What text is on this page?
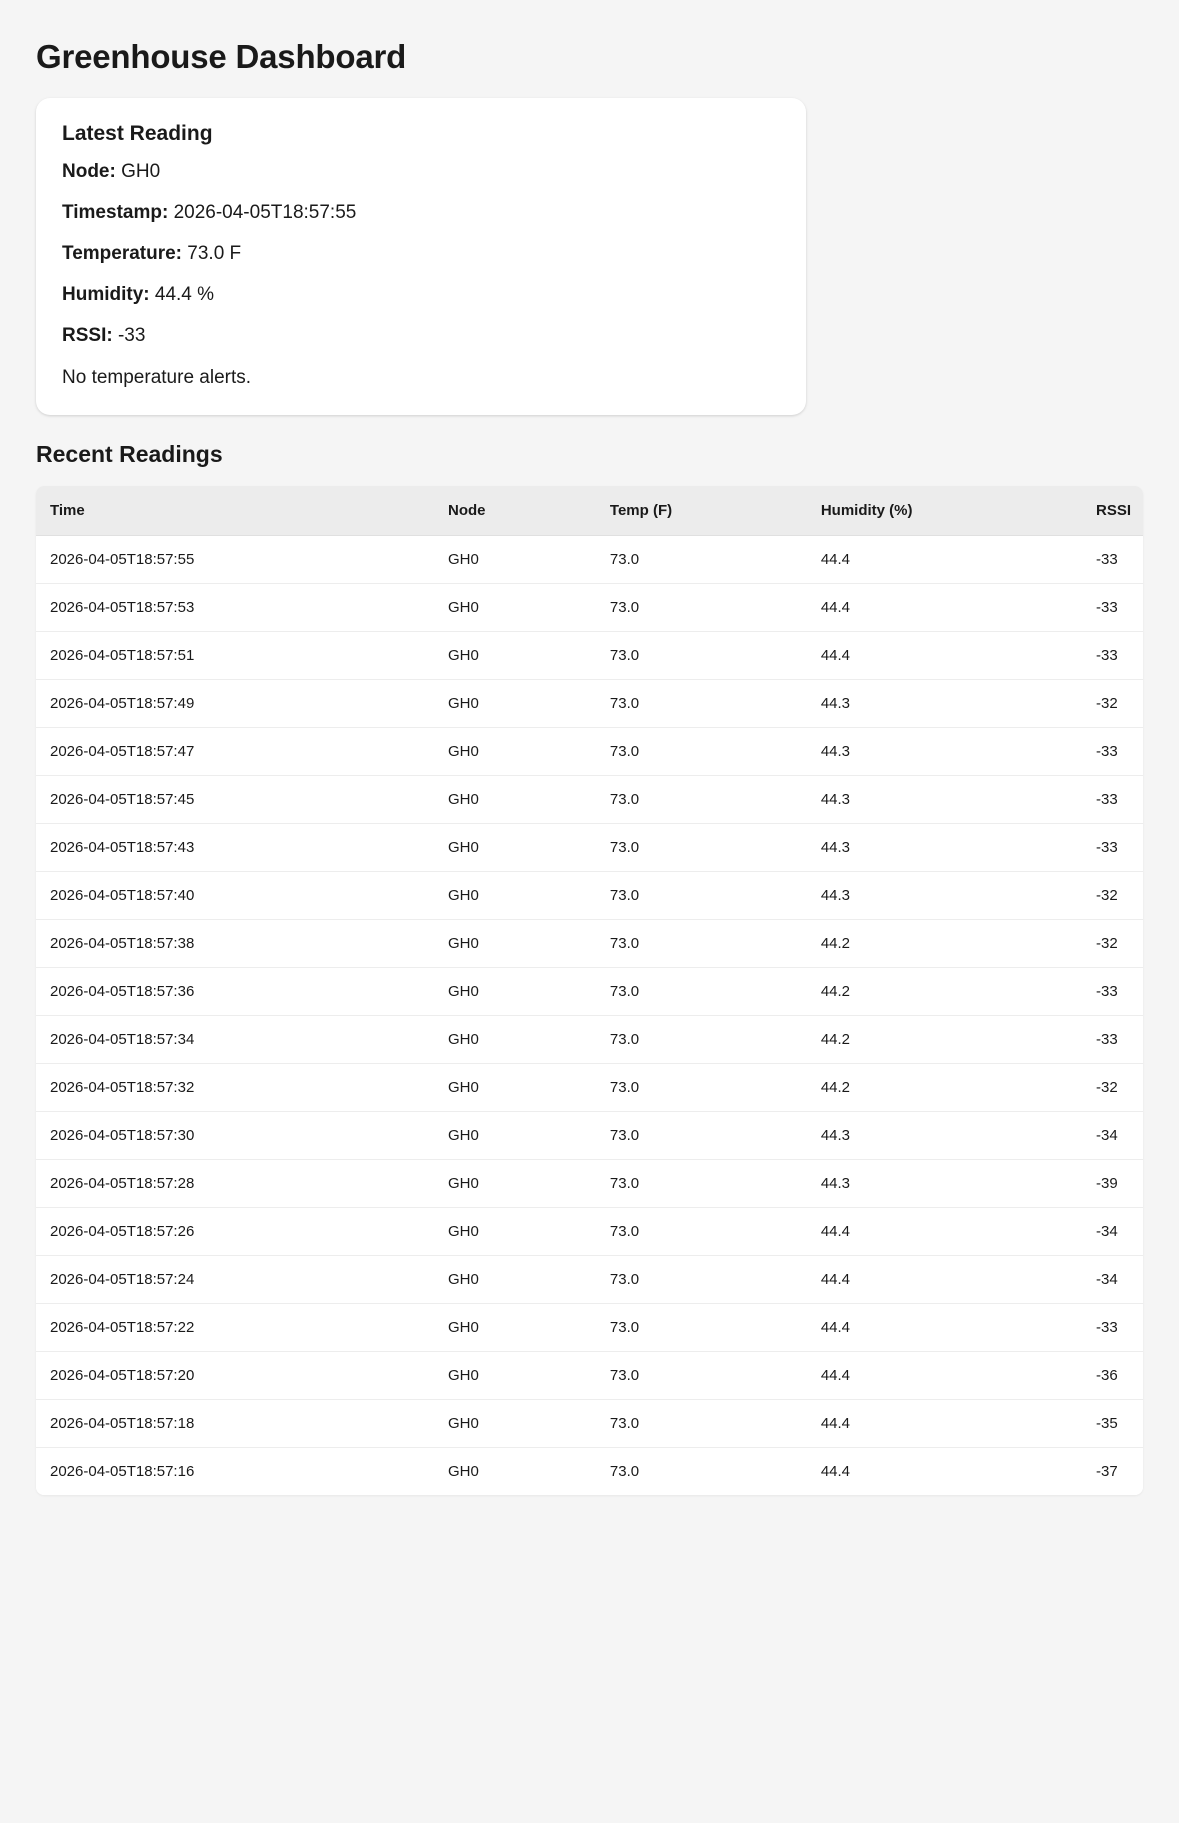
Greenhouse Dashboard
Latest Reading

Node: GH0

Timestamp: 2026-04-05T18:57:55

Temperature: 73.0 F

Humidity: 44.4 %

RSSI: -33

No temperature alerts.

Recent Readings
Time	Node	Temp (F)	Humidity (%)	RSSI
2026-04-05T18:57:55	GH0	73.0	44.4	-33
2026-04-05T18:57:53	GH0	73.0	44.4	-33
2026-04-05T18:57:51	GH0	73.0	44.4	-33
2026-04-05T18:57:49	GH0	73.0	44.3	-32
2026-04-05T18:57:47	GH0	73.0	44.3	-33
2026-04-05T18:57:45	GH0	73.0	44.3	-33
2026-04-05T18:57:43	GH0	73.0	44.3	-33
2026-04-05T18:57:40	GH0	73.0	44.3	-32
2026-04-05T18:57:38	GH0	73.0	44.2	-32
2026-04-05T18:57:36	GH0	73.0	44.2	-33
2026-04-05T18:57:34	GH0	73.0	44.2	-33
2026-04-05T18:57:32	GH0	73.0	44.2	-32
2026-04-05T18:57:30	GH0	73.0	44.3	-34
2026-04-05T18:57:28	GH0	73.0	44.3	-39
2026-04-05T18:57:26	GH0	73.0	44.4	-34
2026-04-05T18:57:24	GH0	73.0	44.4	-34
2026-04-05T18:57:22	GH0	73.0	44.4	-33
2026-04-05T18:57:20	GH0	73.0	44.4	-36
2026-04-05T18:57:18	GH0	73.0	44.4	-35
2026-04-05T18:57:16	GH0	73.0	44.4	-37
